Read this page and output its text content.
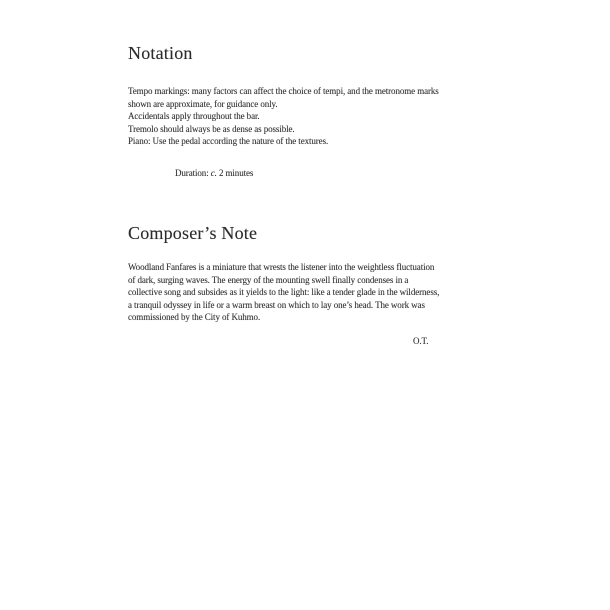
Notation
Tempo markings: many factors can affect the choice of tempi, and the metronome marks
shown are approximate, for guidance only.
Accidentals apply throughout the bar.
Tremolo should always be as dense as possible.
Piano: Use the pedal according the nature of the textures.
Duration: c. 2 minutes
Composer’s Note
Woodland Fanfares is a miniature that wrests the listener into the weightless fluctuation
of dark, surging waves. The energy of the mounting swell finally condenses in a
collective song and subsides as it yields to the light: like a tender glade in the wilderness,
a tranquil odyssey in life or a warm breast on which to lay one’s head. The work was
commissioned by the City of Kuhmo.
O.T.
